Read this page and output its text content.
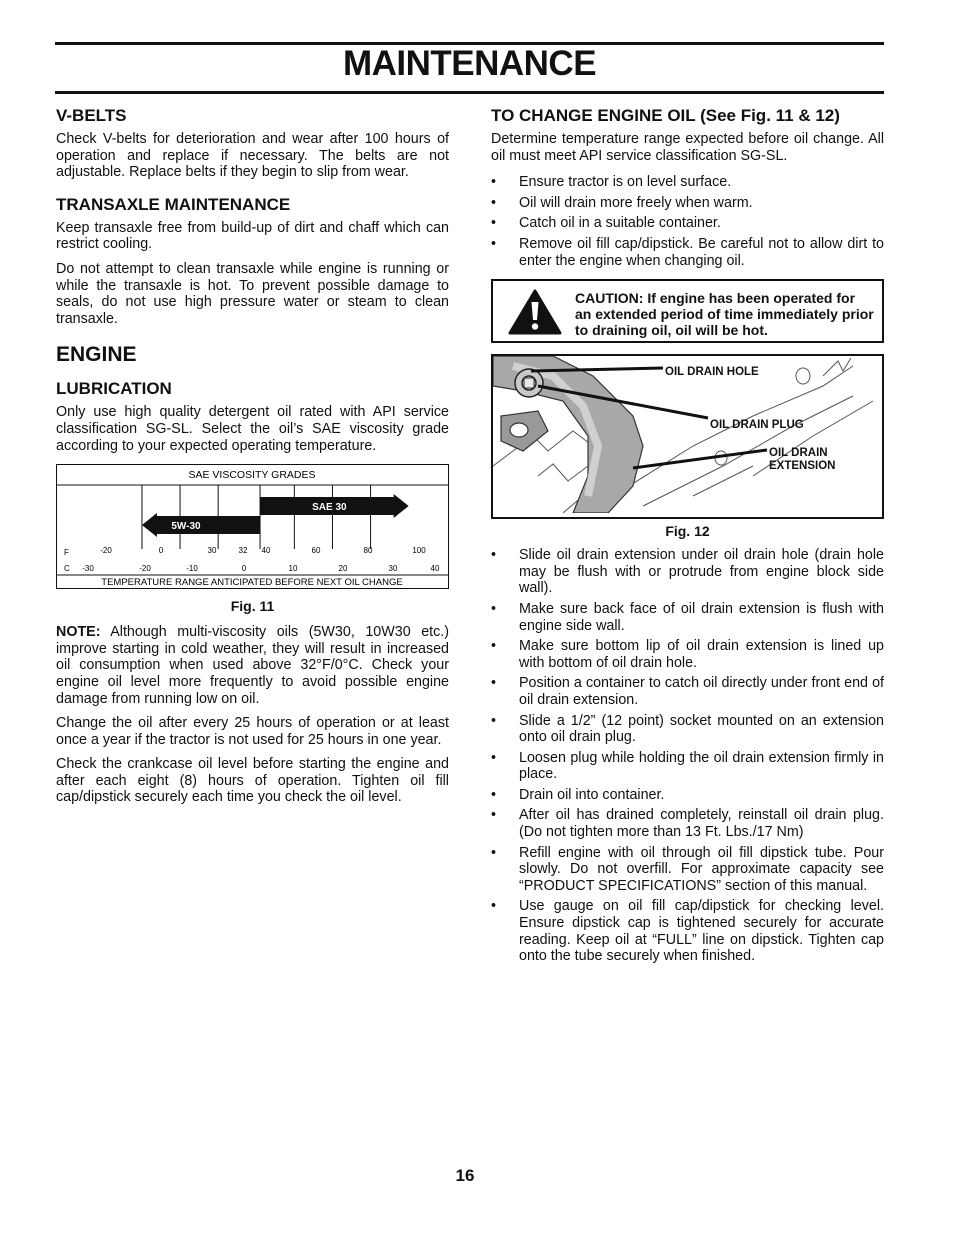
MAINTENANCE
V-BELTS

Check V-belts for deterioration and wear after 100 hours of operation and replace if necessary. The belts are not adjustable. Replace belts if they begin to slip from wear.

TRANSAXLE MAINTENANCE

Keep transaxle free from build-up of dirt and chaff which can restrict cooling.

Do not attempt to clean transaxle while engine is running or while the transaxle is hot. To prevent possible damage to seals, do not use high pressure water or steam to clean transaxle.

ENGINE
LUBRICATION

Only use high quality detergent oil rated with API service classification SG-SL. Select the oil’s SAE viscosity grade according to your expected operating temperature.

SAE VISCOSITY GRADES
5W-30
SAE 30
F
C
-20	0	30	32 40	60	80	100
-30	-20	-10	0	10	20	30	40
TEMPERATURE RANGE ANTICIPATED BEFORE NEXT OIL CHANGE
Fig. 11

NOTE: Although multi-viscosity oils (5W30, 10W30 etc.) improve starting in cold weather, they will result in increased oil consumption when used above 32°F/0°C. Check your engine oil level more frequently to avoid possible engine damage from running low on oil.

Change the oil after every 25 hours of operation or at least once a year if the tractor is not used for 25 hours in one year.

Check the crankcase oil level before starting the engine and after each eight (8) hours of operation. Tighten oil fill cap/dipstick securely each time you check the oil level.

TO CHANGE ENGINE OIL (See Fig. 11 & 12)

Determine temperature range expected before oil change. All oil must meet API service classification SG-SL.

• Ensure tractor is on level surface.
• Oil will drain more freely when warm.
• Catch oil in a suitable container.
• Remove oil fill cap/dipstick. Be careful not to allow dirt to enter the engine when changing oil.
CAUTION: If engine has been operated for an extended period of time immediately prior to draining oil, oil will be hot.
OIL DRAIN HOLE
OIL DRAIN PLUG
OIL DRAIN
EXTENSION
Fig. 12
• Slide oil drain extension under oil drain hole (drain hole may be flush with or protrude from engine block side wall).
• Make sure back face of oil drain extension is flush with engine side wall.
• Make sure bottom lip of oil drain extension is lined up with bottom of oil drain hole.
• Position a container to catch oil directly under front end of oil drain extension.
• Slide a 1/2” (12 point) socket mounted on an extension onto oil drain plug.
• Loosen plug while holding the oil drain extension firmly in place.
• Drain oil into container.
• After oil has drained completely, reinstall oil drain plug. (Do not tighten more than 13 Ft. Lbs./17 Nm)
• Refill engine with oil through oil fill dipstick tube. Pour slowly. Do not overfill. For approximate capacity see “PRODUCT SPECIFICATIONS” section of this manual.
• Use gauge on oil fill cap/dipstick for checking level. Ensure dipstick cap is tightened securely for accurate reading. Keep oil at “FULL” line on dipstick. Tighten cap onto the tube securely when finished.
16
